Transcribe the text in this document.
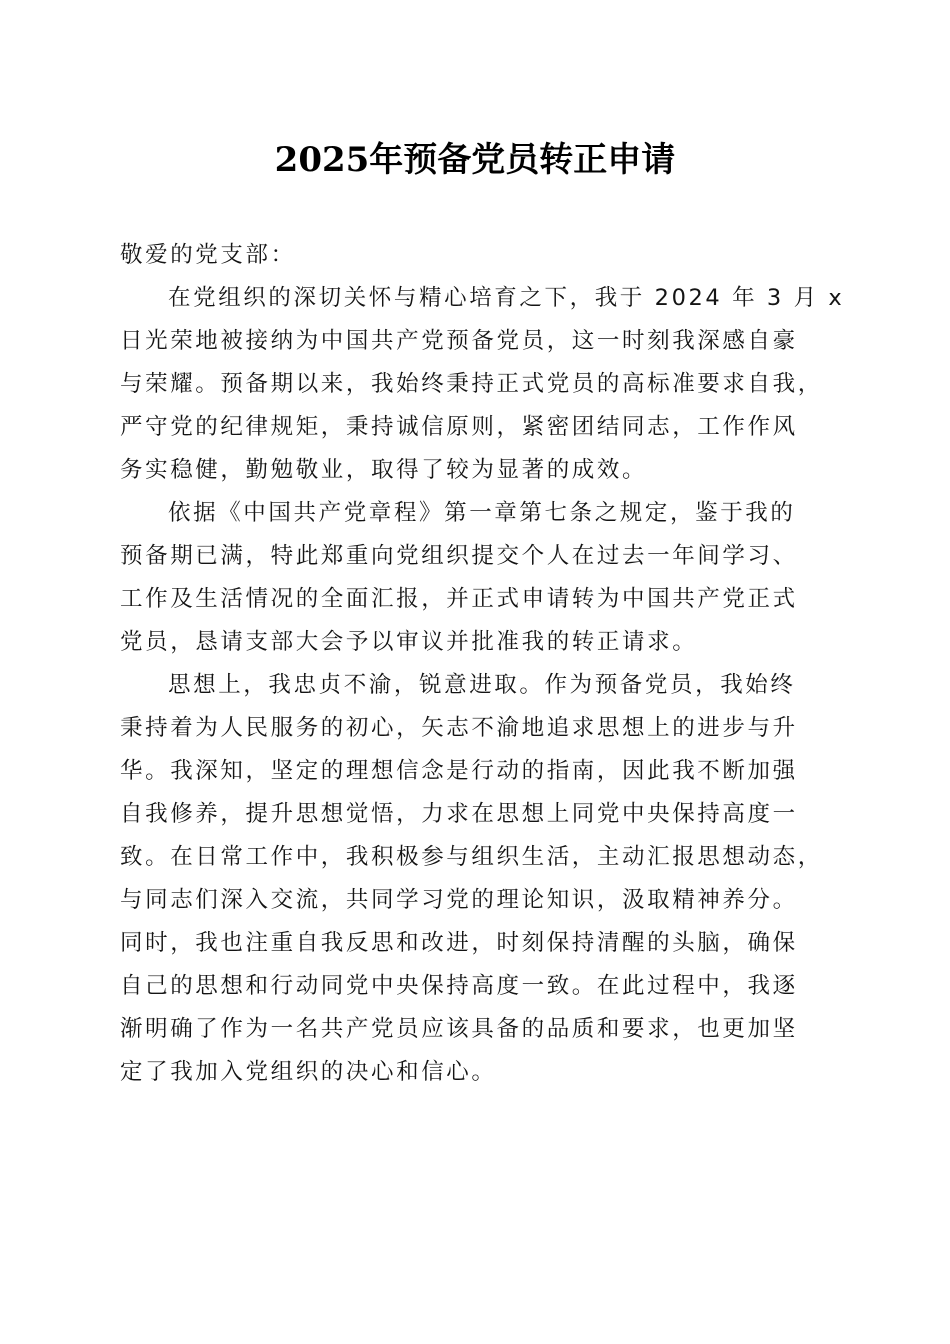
2025年预备党员转正申请
敬爱的党支部：
在党组织的深切关怀与精心培育之下，我于 2024 年 3 月 x
日光荣地被接纳为中国共产党预备党员，这一时刻我深感自豪
与荣耀。预备期以来，我始终秉持正式党员的高标准要求自我，
严守党的纪律规矩，秉持诚信原则，紧密团结同志，工作作风
务实稳健，勤勉敬业，取得了较为显著的成效。
依据《中国共产党章程》第一章第七条之规定，鉴于我的
预备期已满，特此郑重向党组织提交个人在过去一年间学习、
工作及生活情况的全面汇报，并正式申请转为中国共产党正式
党员，恳请支部大会予以审议并批准我的转正请求。
思想上，我忠贞不渝，锐意进取。作为预备党员，我始终
秉持着为人民服务的初心，矢志不渝地追求思想上的进步与升
华。我深知，坚定的理想信念是行动的指南，因此我不断加强
自我修养，提升思想觉悟，力求在思想上同党中央保持高度一
致。在日常工作中，我积极参与组织生活，主动汇报思想动态，
与同志们深入交流，共同学习党的理论知识，汲取精神养分。
同时，我也注重自我反思和改进，时刻保持清醒的头脑，确保
自己的思想和行动同党中央保持高度一致。在此过程中，我逐
渐明确了作为一名共产党员应该具备的品质和要求，也更加坚
定了我加入党组织的决心和信心。
